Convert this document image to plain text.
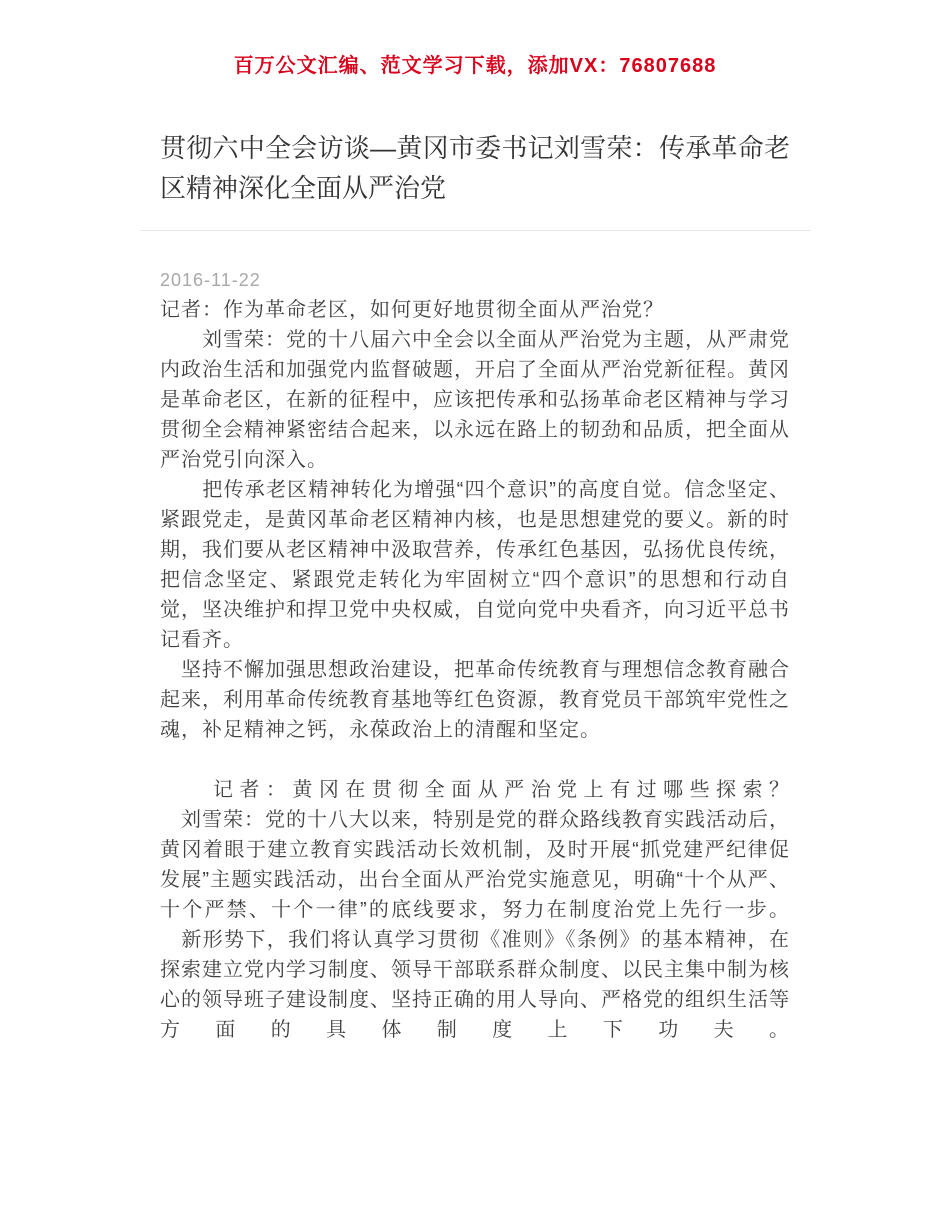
百万公文汇编、范文学习下载，添加VX：76807688
贯彻六中全会访谈—黄冈市委书记刘雪荣：传承革命老区精神深化全面从严治党
2016-11-22

记者：作为革命老区，如何更好地贯彻全面从严治党？

　　刘雪荣：党的十八届六中全会以全面从严治党为主题，从严肃党内政治生活和加强党内监督破题，开启了全面从严治党新征程。黄冈是革命老区，在新的征程中，应该把传承和弘扬革命老区精神与学习贯彻全会精神紧密结合起来，以永远在路上的韧劲和品质，把全面从严治党引向深入。

　　把传承老区精神转化为增强“四个意识”的高度自觉。信念坚定、紧跟党走，是黄冈革命老区精神内核，也是思想建党的要义。新的时期，我们要从老区精神中汲取营养，传承红色基因，弘扬优良传统，把信念坚定、紧跟党走转化为牢固树立“四个意识”的思想和行动自觉，坚决维护和捍卫党中央权威，自觉向党中央看齐，向习近平总书记看齐。

　坚持不懈加强思想政治建设，把革命传统教育与理想信念教育融合起来，利用革命传统教育基地等红色资源，教育党员干部筑牢党性之魂，补足精神之钙，永葆政治上的清醒和坚定。

　　记者：黄冈在贯彻全面从严治党上有过哪些探索？

　刘雪荣：党的十八大以来，特别是党的群众路线教育实践活动后，黄冈着眼于建立教育实践活动长效机制，及时开展“抓党建严纪律促发展”主题实践活动，出台全面从严治党实施意见，明确“十个从严、十个严禁、十个一律”的底线要求，努力在制度治党上先行一步。

　新形势下，我们将认真学习贯彻《准则》《条例》的基本精神，在探索建立党内学习制度、领导干部联系群众制度、以民主集中制为核心的领导班子建设制度、坚持正确的用人导向、严格党的组织生活等方面的具体制度上下功夫。
